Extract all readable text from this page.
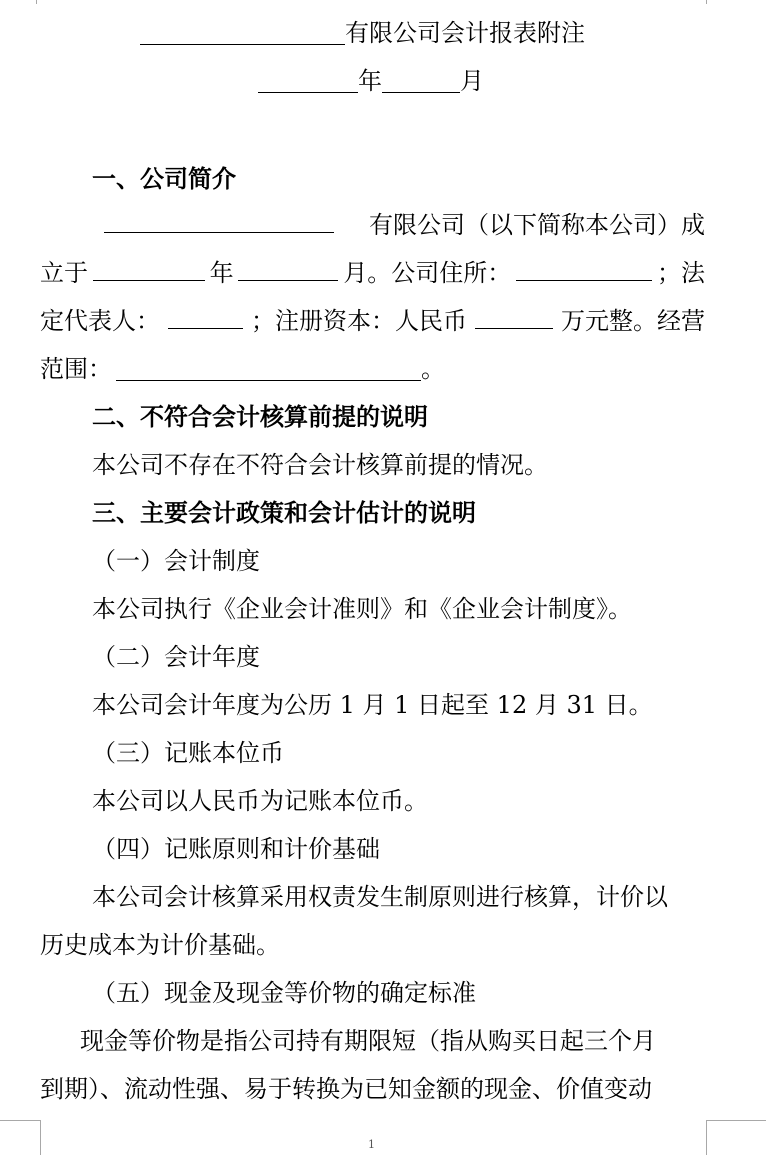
有限公司会计报表附注
年	月
一、公司简介
有限公司（以下简称本公司）成
立于	年	月。公司住所：	；法
定代表人：	；注册资本：人民币	万元整。经营
范围：	。
二、不符合会计核算前提的说明
本公司不存在不符合会计核算前提的情况。
三、主要会计政策和会计估计的说明
（一）会计制度
本公司执行《企业会计准则》和《企业会计制度》。
（二）会计年度
本公司会计年度为公历 1 月 1 日起至 12 月 31 日。
（三）记账本位币
本公司以人民币为记账本位币。
（四）记账原则和计价基础
本公司会计核算采用权责发生制原则进行核算，计价以
历史成本为计价基础。
（五）现金及现金等价物的确定标准
现金等价物是指公司持有期限短（指从购买日起三个月
到期）、流动性强、易于转换为已知金额的现金、价值变动
1
